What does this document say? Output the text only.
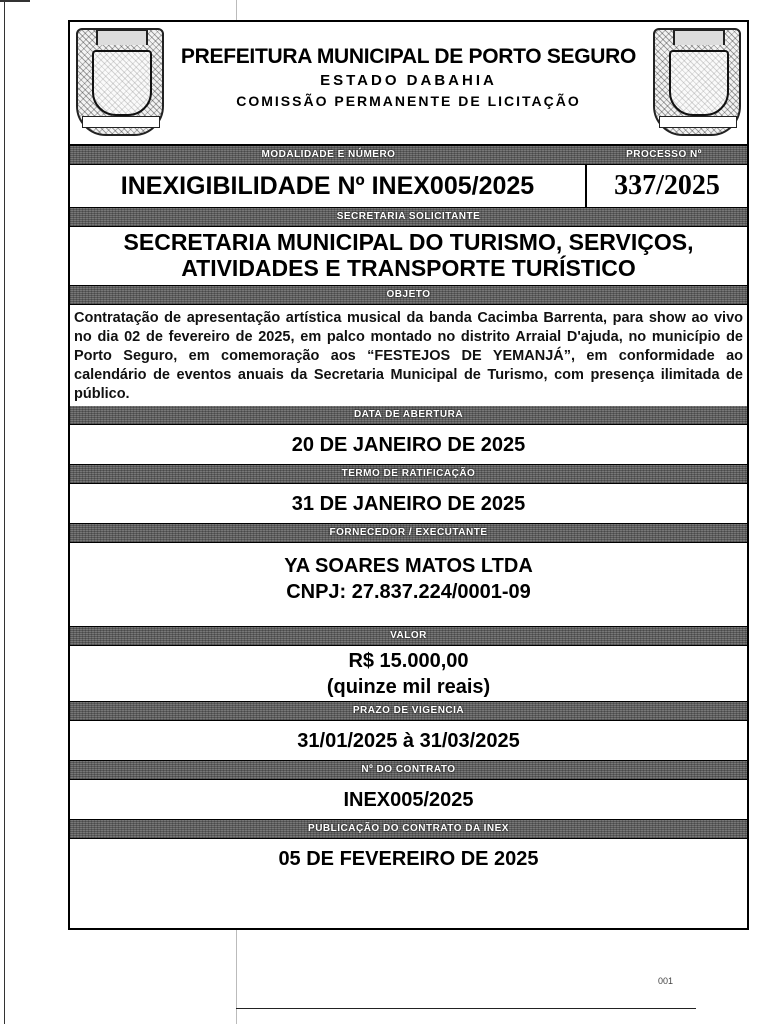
PREFEITURA MUNICIPAL DE PORTO SEGURO
ESTADO DABAHIA
COMISSÃO PERMANENTE DE LICITAÇÃO
MODALIDADE E NÚMERO	PROCESSO Nº
INEXIGIBILIDADE Nº INEX005/2025	337/2025
SECRETARIA SOLICITANTE
SECRETARIA MUNICIPAL DO TURISMO, SERVIÇOS, ATIVIDADES E TRANSPORTE TURÍSTICO
OBJETO
Contratação de apresentação artística musical da banda Cacimba Barrenta, para show ao vivo no dia 02 de fevereiro de 2025, em palco montado no distrito Arraial D'ajuda, no município de Porto Seguro, em comemoração aos “FESTEJOS DE YEMANJÁ”, em conformidade ao calendário de eventos anuais da Secretaria Municipal de Turismo, com presença ilimitada de público.
DATA DE ABERTURA
20 DE JANEIRO DE 2025
TERMO DE RATIFICAÇÃO
31 DE JANEIRO DE 2025
FORNECEDOR / EXECUTANTE
YA SOARES MATOS LTDA
CNPJ: 27.837.224/0001-09
VALOR
R$ 15.000,00
(quinze mil reais)
PRAZO DE VIGENCIA
31/01/2025 à 31/03/2025
Nº DO CONTRATO
INEX005/2025
PUBLICAÇÃO DO CONTRATO DA INEX
05 DE FEVEREIRO DE 2025
001
